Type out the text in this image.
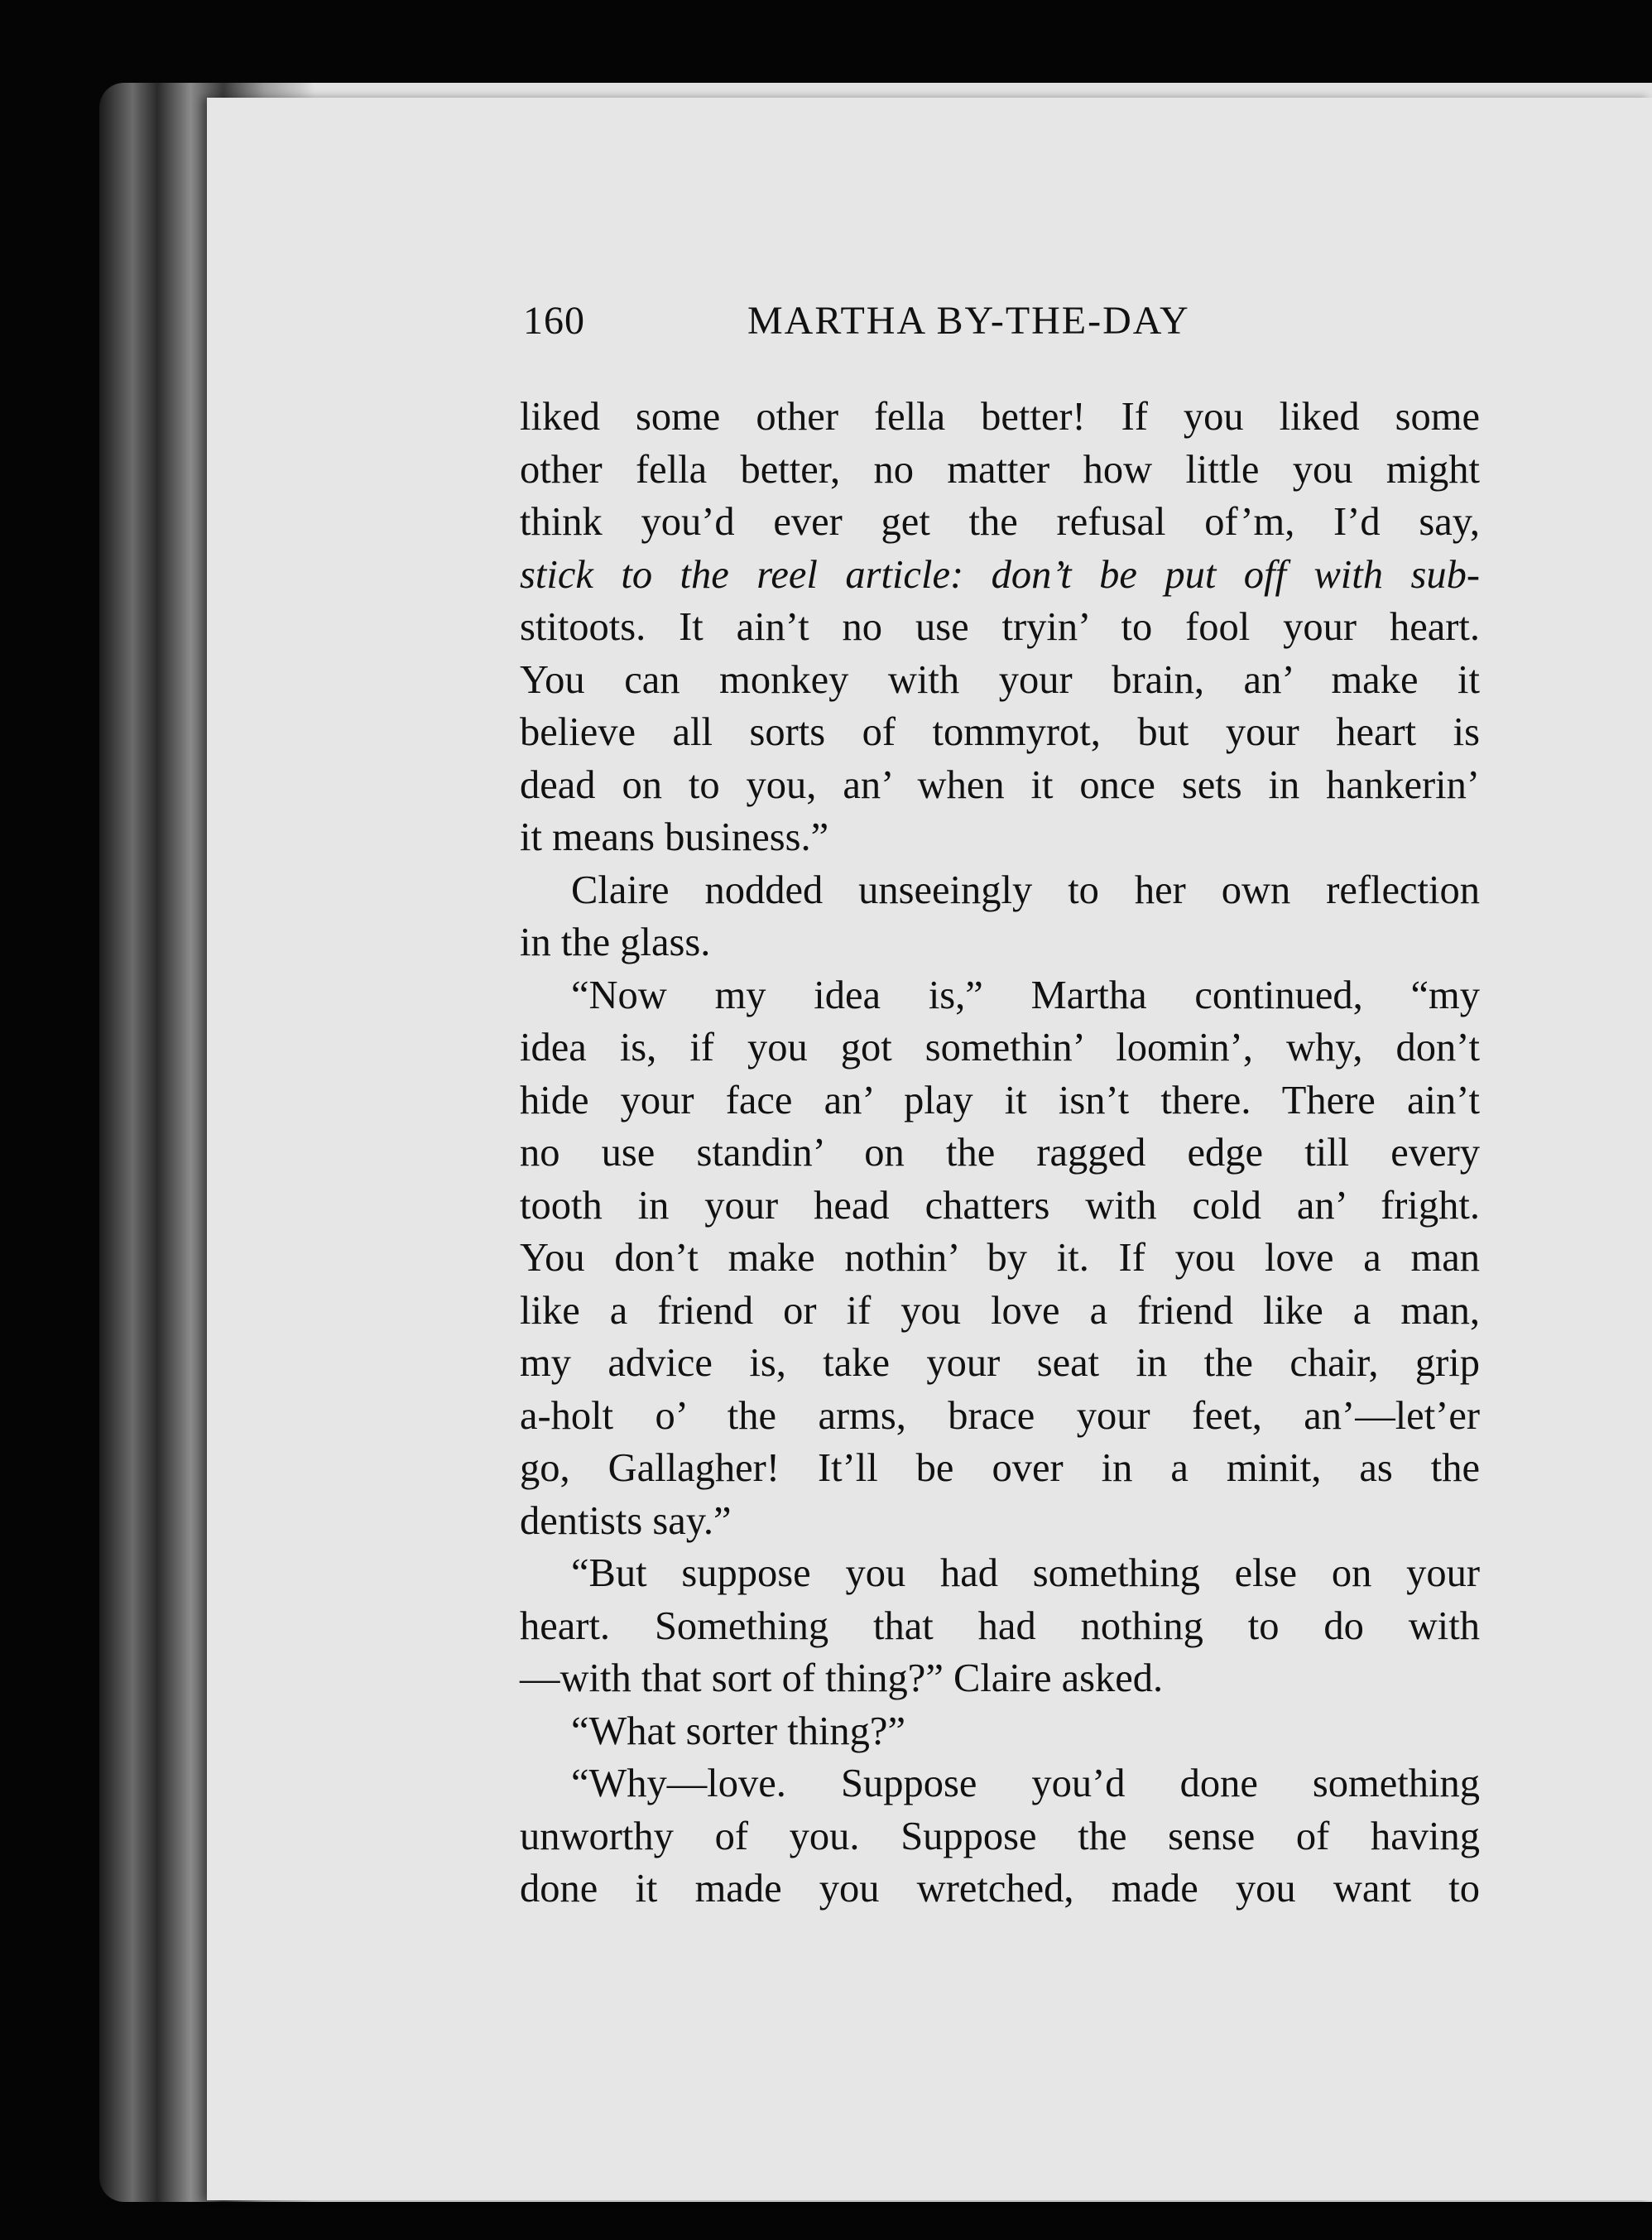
160	MARTHA BY-THE-DAY
liked some other fella better! If you liked some
other fella better, no matter how little you might
think you’d ever get the refusal of’m, I’d say,
stick to the reel article: don’t be put off with sub-
stitoots. It ain’t no use tryin’ to fool your heart.
You can monkey with your brain, an’ make it
believe all sorts of tommyrot, but your heart is
dead on to you, an’ when it once sets in hankerin’
it means business.”
Claire nodded unseeingly to her own reflection
in the glass.
“Now my idea is,” Martha continued, “my
idea is, if you got somethin’ loomin’, why, don’t
hide your face an’ play it isn’t there. There ain’t
no use standin’ on the ragged edge till every
tooth in your head chatters with cold an’ fright.
You don’t make nothin’ by it. If you love a man
like a friend or if you love a friend like a man,
my advice is, take your seat in the chair, grip
a-holt o’ the arms, brace your feet, an’—let’er
go, Gallagher! It’ll be over in a minit, as the
dentists say.”
“But suppose you had something else on your
heart. Something that had nothing to do with
—with that sort of thing?” Claire asked.
“What sorter thing?”
“Why—love. Suppose you’d done something
unworthy of you. Suppose the sense of having
done it made you wretched, made you want to
